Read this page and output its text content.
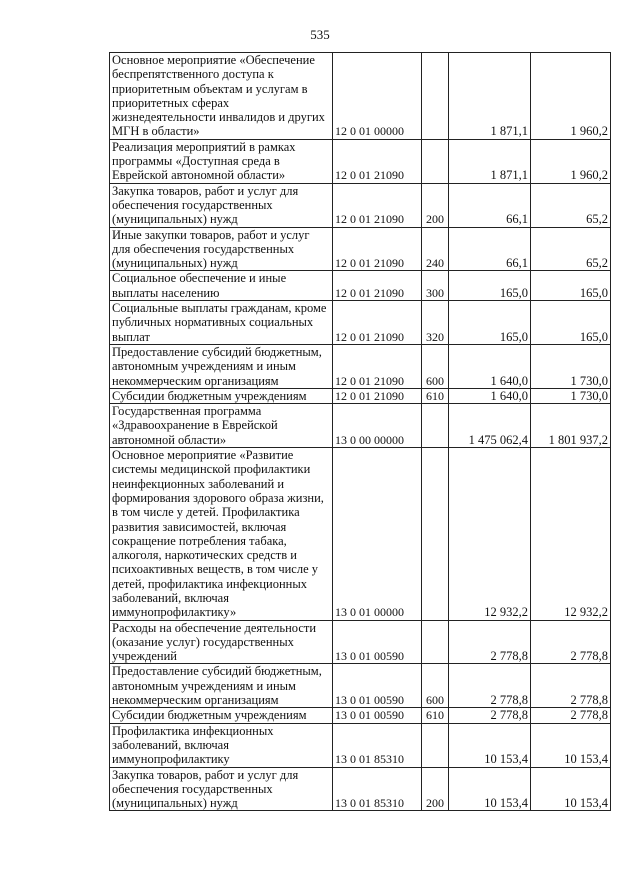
535
Основное мероприятие «Обеспечение беспрепятственного доступа к приоритетным объектам и услугам в приоритетных сферах жизнедеятельности инвалидов и других МГН в области»	12 0 01 00000		1 871,1	1 960,2
Реализация мероприятий в рамках программы «Доступная среда в Еврейской автономной области»	12 0 01 21090		1 871,1	1 960,2
Закупка товаров, работ и услуг для обеспечения государственных (муниципальных) нужд	12 0 01 21090	200	66,1	65,2
Иные закупки товаров, работ и услуг для обеспечения государственных (муниципальных) нужд	12 0 01 21090	240	66,1	65,2
Социальное обеспечение и иные выплаты населению	12 0 01 21090	300	165,0	165,0
Социальные выплаты гражданам, кроме публичных нормативных социальных выплат	12 0 01 21090	320	165,0	165,0
Предоставление субсидий бюджетным, автономным учреждениям и иным некоммерческим организациям	12 0 01 21090	600	1 640,0	1 730,0
Субсидии бюджетным учреждениям	12 0 01 21090	610	1 640,0	1 730,0
Государственная программа «Здравоохранение в Еврейской автономной области»	13 0 00 00000		1 475 062,4	1 801 937,2
Основное мероприятие «Развитие системы медицинской профилактики неинфекционных заболеваний и формирования здорового образа жизни, в том числе у детей. Профилактика развития зависимостей, включая сокращение потребления табака, алкоголя, наркотических средств и психоактивных веществ, в том числе у детей, профилактика инфекционных заболеваний, включая иммунопрофилактику»	13 0 01 00000		12 932,2	12 932,2
Расходы на обеспечение деятельности (оказание услуг) государственных учреждений	13 0 01 00590		2 778,8	2 778,8
Предоставление субсидий бюджетным, автономным учреждениям и иным некоммерческим организациям	13 0 01 00590	600	2 778,8	2 778,8
Субсидии бюджетным учреждениям	13 0 01 00590	610	2 778,8	2 778,8
Профилактика инфекционных заболеваний, включая иммунопрофилактику	13 0 01 85310		10 153,4	10 153,4
Закупка товаров, работ и услуг для обеспечения государственных (муниципальных) нужд	13 0 01 85310	200	10 153,4	10 153,4
